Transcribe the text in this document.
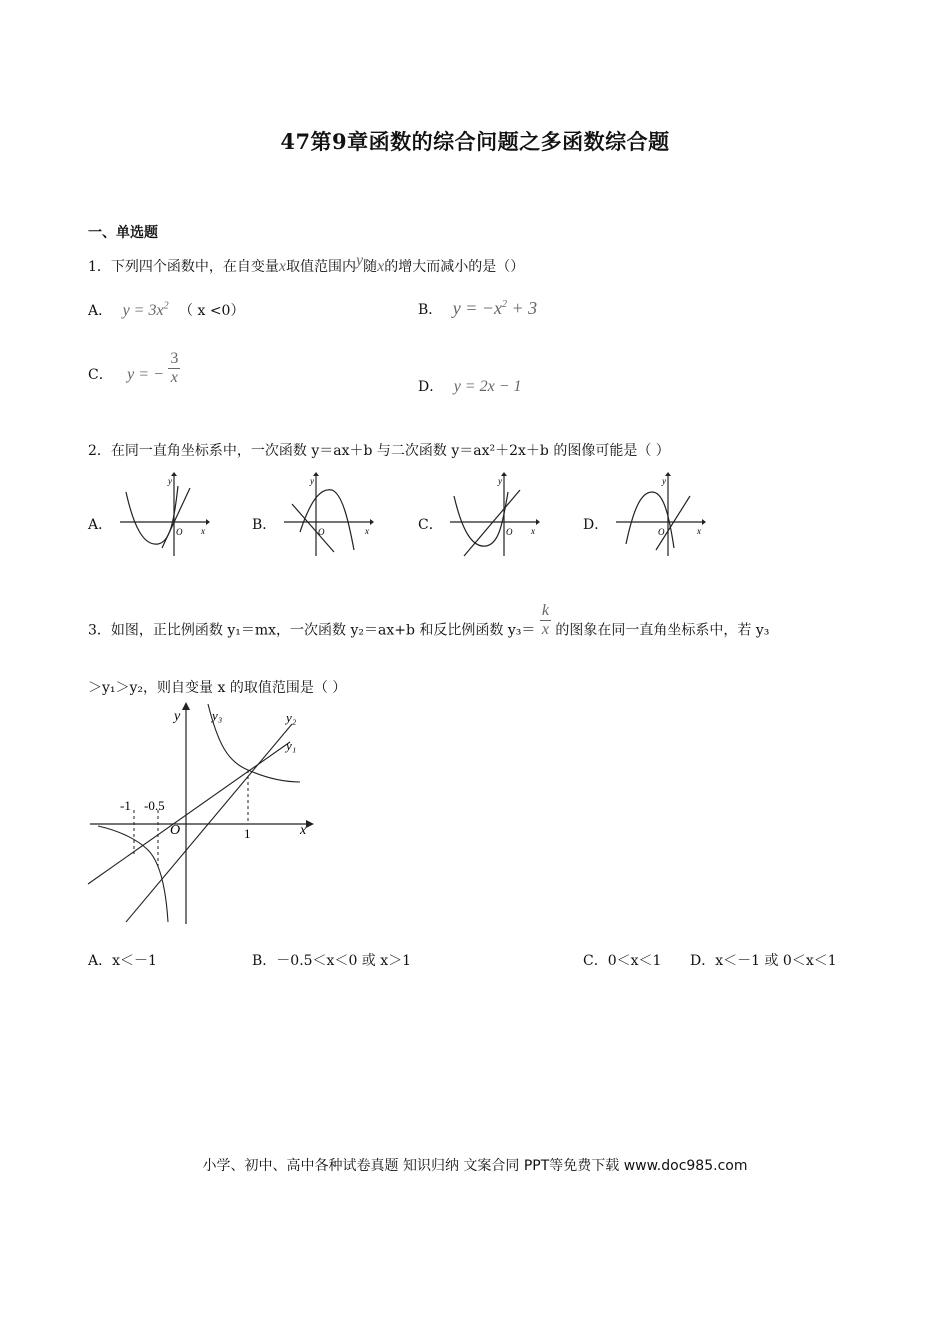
47第9章函数的综合问题之多函数综合题
一、单选题
1．下列四个函数中，在自变量x取值范围内y随x的增大而减小的是（）
A． $y = 3x^2$ （ x <0）	B． $y = -x^2 + 3$
C． y = − $\frac{3}{x}$	D． y = 2x − 1
2．在同一直角坐标系中，一次函数 y＝ax＋b 与二次函数 y＝ax²＋2x＋b 的图像可能是（ ）
A．
y
x
O	B．
y
x
O	C．
y
x
O	D．
y
x
O
3．如图，正比例函数 y₁＝mx，一次函数 y₂＝ax+b 和反比例函数 $y_3= \frac{k}{x}$ 的图象在同一直角坐标系中，若 y₃
＞y₁＞y₂，则自变量 x 的取值范围是（ ）
y
x
O
y₃	y₂
y₁
-1 -0.5
1
A．x＜－1	B．－0.5＜x＜0 或 x＞1	C．0＜x＜1 D．x＜－1 或 0＜x＜1
小学、初中、高中各种试卷真题 知识归纳 文案合同 PPT等免费下载 www.doc985.com
